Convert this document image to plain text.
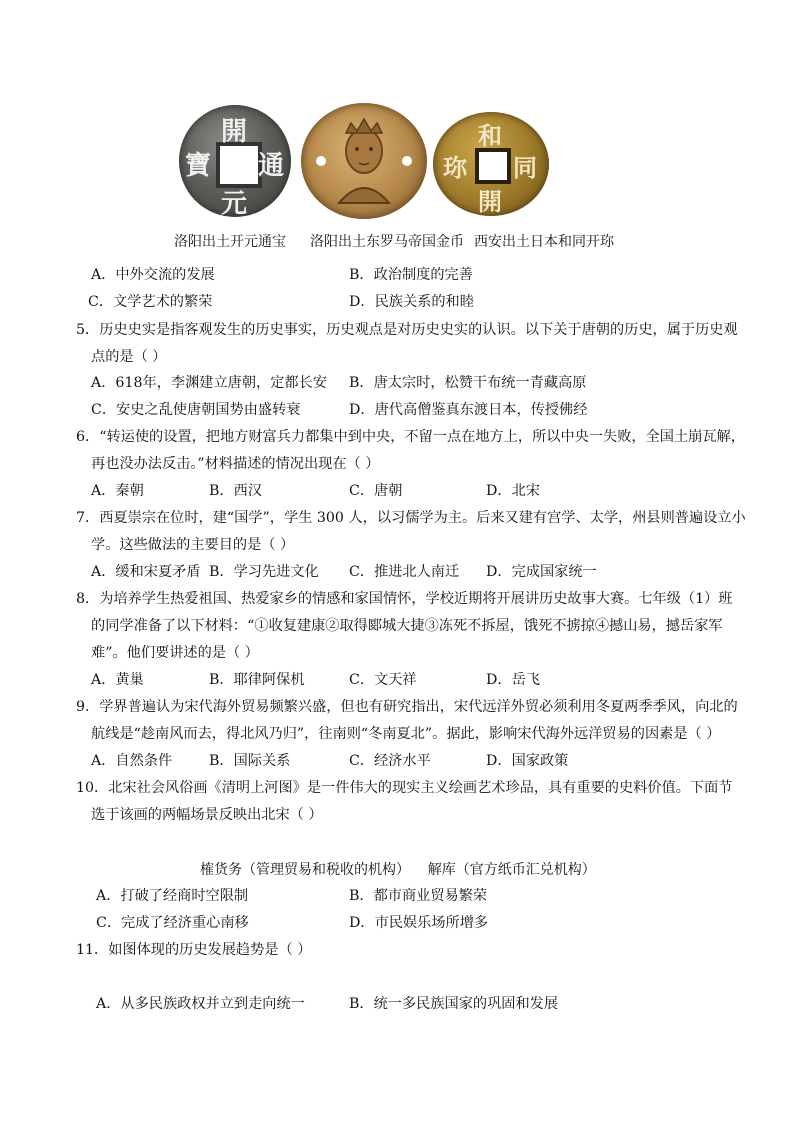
開
通
元
寶
和
同
開
珎
洛阳出土开元通宝 洛阳出土东罗马帝国金币 西安出土日本和同开珎
A．中外交流的发展	B．政治制度的完善
C．文学艺术的繁荣	D．民族关系的和睦
5．历史史实是指客观发生的历史事实，历史观点是对历史史实的认识。以下关于唐朝的历史，属于历史观
点的是（ ）
A．618年，李渊建立唐朝，定都长安 B．唐太宗时，松赞干布统一青藏高原
C．安史之乱使唐朝国势由盛转衰	D．唐代高僧鉴真东渡日本，传授佛经
6．“转运使的设置，把地方财富兵力都集中到中央，不留一点在地方上，所以中央一失败，全国土崩瓦解，
再也没办法反击。”材料描述的情况出现在（ ）
A．秦朝	B．西汉	C．唐朝	D．北宋
7．西夏崇宗在位时，建“国学”，学生 300 人，以习儒学为主。后来又建有宫学、太学，州县则普遍设立小
学。这些做法的主要目的是（ ）
A．缓和宋夏矛盾 B．学习先进文化 C．推进北人南迁 D．完成国家统一
8．为培养学生热爱祖国、热爱家乡的情感和家国情怀，学校近期将开展讲历史故事大赛。七年级（1）班
的同学准备了以下材料：“①收复建康②取得郾城大捷③冻死不拆屋，饿死不掳掠④撼山易，撼岳家军
难”。他们要讲述的是（ ）
A．黄巢	B．耶律阿保机	C．文天祥	D．岳飞
9．学界普遍认为宋代海外贸易频繁兴盛，但也有研究指出，宋代远洋外贸必须利用冬夏两季季风，向北的
航线是“趁南风而去，得北风乃归”，往南则“冬南夏北”。据此，影响宋代海外远洋贸易的因素是（ ）
A．自然条件	B．国际关系	C．经济水平	D．国家政策
10．北宋社会风俗画《清明上河图》是一件伟大的现实主义绘画艺术珍品，具有重要的史料价值。下面节
选于该画的两幅场景反映出北宋（ ）
榷货务（管理贸易和税收的机构）    解库（官方纸币汇兑机构）
A．打破了经商时空限制	B．都市商业贸易繁荣
C．完成了经济重心南移	D．市民娱乐场所增多
11．如图体现的历史发展趋势是（ ）
A．从多民族政权并立到走向统一	B．统一多民族国家的巩固和发展
